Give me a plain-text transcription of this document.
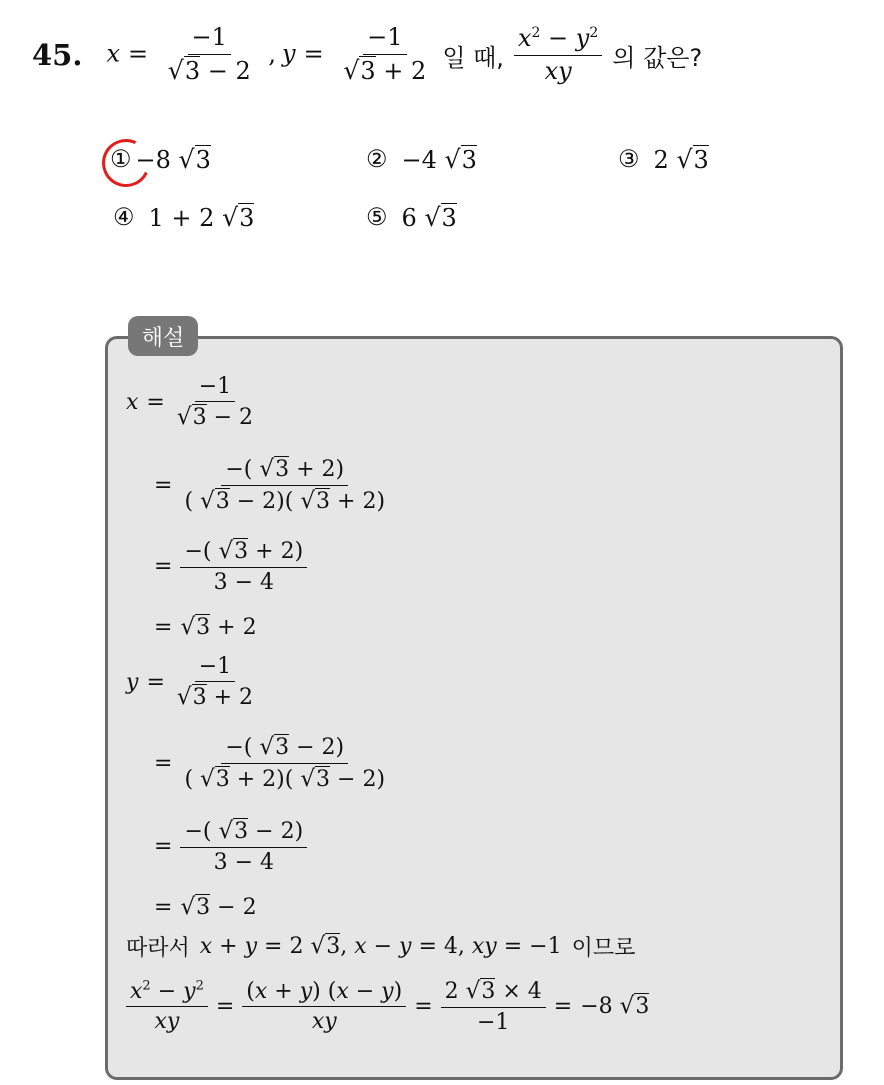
45. $x = \frac{-1}{√3 - 2}$ , $y = \frac{-1}{√3 + 2}$ 일 때, $\frac{x^2 - y^2}{xy}$ 의 값은?
① −8 √3	② −4 √3	③ 2 √3
④ 1 + 2 √3	⑤ 6 √3
해설
$x = \frac{-1}{√3 - 2}$
= $\frac{-( √3 + 2)}{( √3 - 2)( √3 + 2)}$
= $\frac{-( √3 + 2)}{3 - 4}$
= √3 + 2
$y = \frac{-1}{√3 + 2}$
= $\frac{-( √3 - 2)}{( √3 + 2)( √3 - 2)}$
= $\frac{-( √3 - 2)}{3 - 4}$
= √3 − 2
따라서 x + y = 2 √3, x − y = 4, xy = −1 이므로
$\frac{x^2 - y^2}{xy} = \frac{(x + y) (x - y)}{xy} = \frac{2 √3 \times 4}{-1} = -8$ √3
